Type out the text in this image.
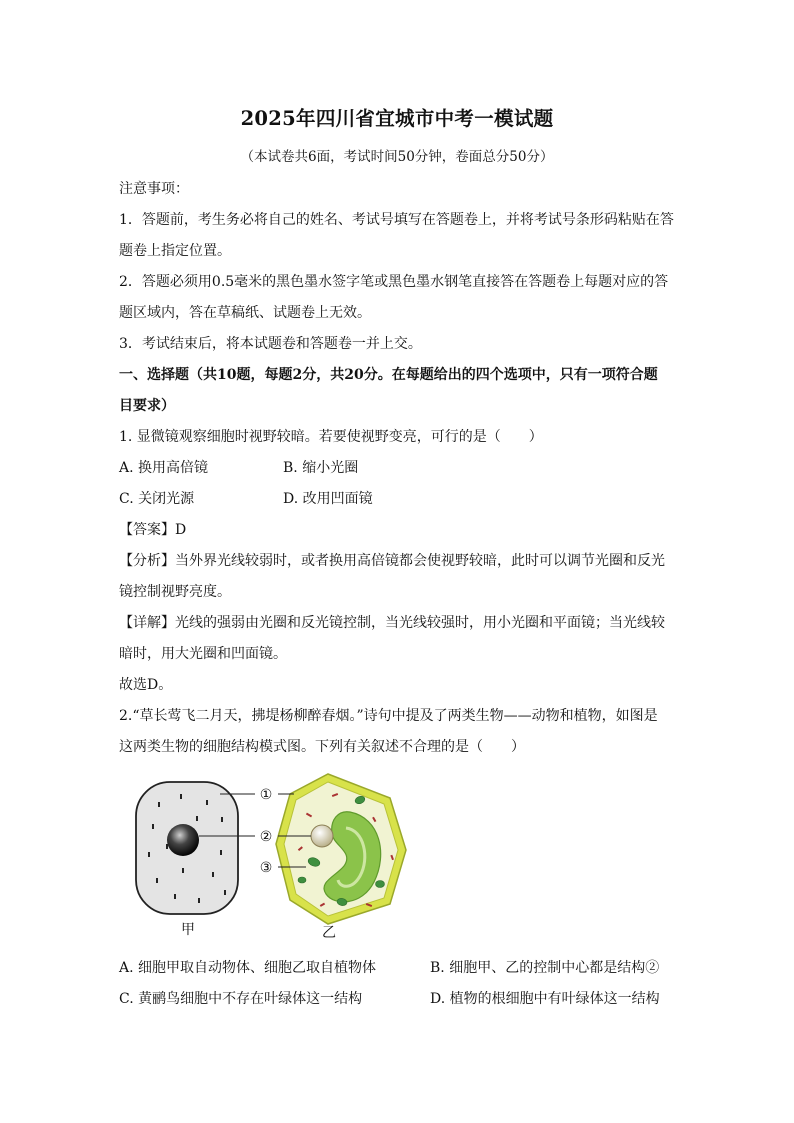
2025年四川省宜城市中考一模试题
（本试卷共6面，考试时间50分钟，卷面总分50分）
注意事项：
1．答题前，考生务必将自己的姓名、考试号填写在答题卷上，并将考试号条形码粘贴在答
题卷上指定位置。
2．答题必须用0.5毫米的黑色墨水签字笔或黑色墨水钢笔直接答在答题卷上每题对应的答
题区域内，答在草稿纸、试题卷上无效。
3．考试结束后，将本试题卷和答题卷一并上交。
一、选择题（共10题，每题2分，共20分。在每题给出的四个选项中，只有一项符合题
目要求）
1. 显微镜观察细胞时视野较暗。若要使视野变亮，可行的是（　　）
A. 换用高倍镜	B. 缩小光圈
C. 关闭光源	D. 改用凹面镜
【答案】D
【分析】当外界光线较弱时，或者换用高倍镜都会使视野较暗，此时可以调节光圈和反光
镜控制视野亮度。
【详解】光线的强弱由光圈和反光镜控制，当光线较强时，用小光圈和平面镜；当光线较
暗时，用大光圈和凹面镜。
故选D。
2.“草长莺飞二月天，拂堤杨柳醉春烟。”诗句中提及了两类生物——动物和植物，如图是
这两类生物的细胞结构模式图。下列有关叙述不合理的是（　　）
①
②
③
甲	乙
A. 细胞甲取自动物体、细胞乙取自植物体	B. 细胞甲、乙的控制中心都是结构②
C. 黄鹂鸟细胞中不存在叶绿体这一结构	D. 植物的根细胞中有叶绿体这一结构
